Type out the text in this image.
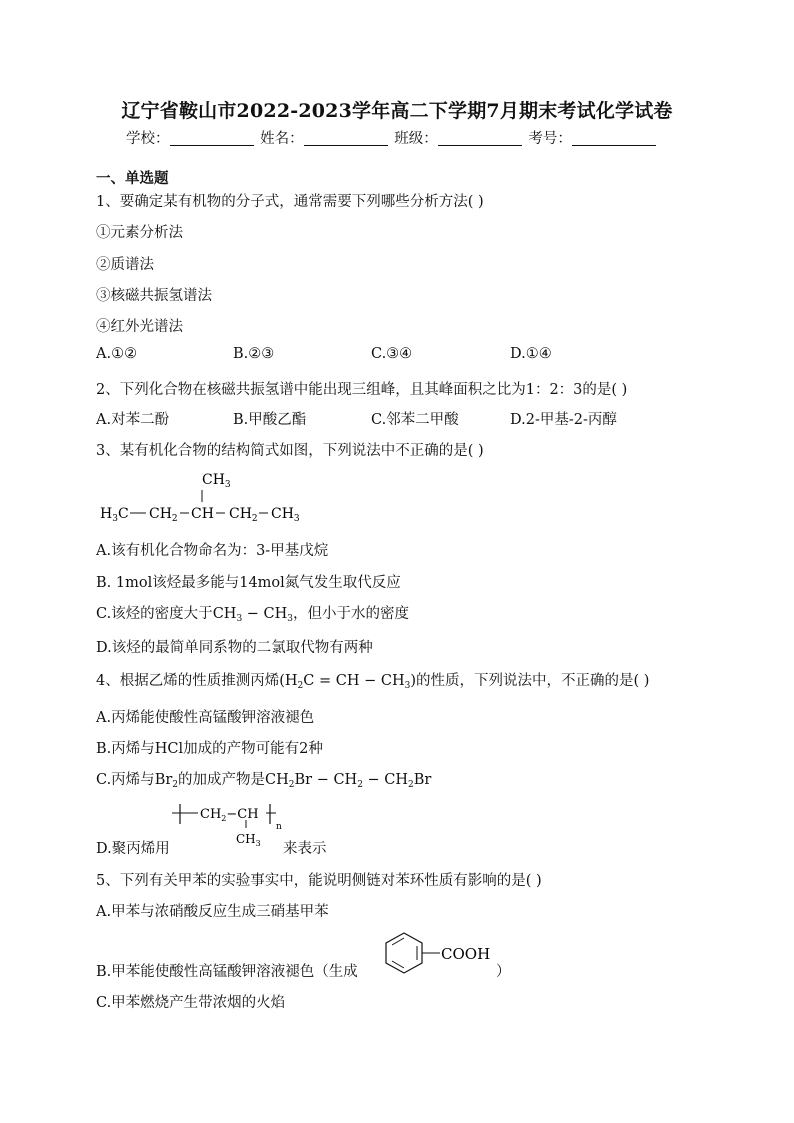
辽宁省鞍山市2022-2023学年高二下学期7月期末考试化学试卷
学校：	姓名：	班级：	考号：
一、单选题
1、要确定某有机物的分子式，通常需要下列哪些分析方法( )
①元素分析法
②质谱法
③核磁共振氢谱法
④红外光谱法
A.①②	B.②③	C.③④	D.①④
2、下列化合物在核磁共振氢谱中能出现三组峰，且其峰面积之比为1：2：3的是( )
A.对苯二酚	B.甲酸乙酯	C.邻苯二甲酸	D.2-甲基-2-丙醇
3、某有机化合物的结构简式如图，下列说法中不正确的是( )
$CH_3$
$H_3C$ $CH_2$ CH $CH_2$ $CH_3$
A.该有机化合物命名为：3-甲基戊烷
B. 1mol该烃最多能与14mol氮气发生取代反应
C.该烃的密度大于$CH_3 - CH_3$，但小于水的密度
D.该烃的最简单同系物的二氯取代物有两种
4、根据乙烯的性质推测丙烯($H_2C$ = CH − $CH_3$)的性质，下列说法中，不正确的是( )
A.丙烯能使酸性高锰酸钾溶液褪色
B.丙烯与HCl加成的产物可能有2种
C.丙烯与$Br_2$的加成产物是$CH_2Br - CH_2 - CH_2Br$
$CH_2-CH$
n
$CH_3$
D.聚丙烯用	来表示
5、下列有关甲苯的实验事实中，能说明侧链对苯环性质有影响的是( )
A.甲苯与浓硝酸反应生成三硝基甲苯
B.甲苯能使酸性高锰酸钾溶液褪色（生成
COOH
）
C.甲苯燃烧产生带浓烟的火焰
